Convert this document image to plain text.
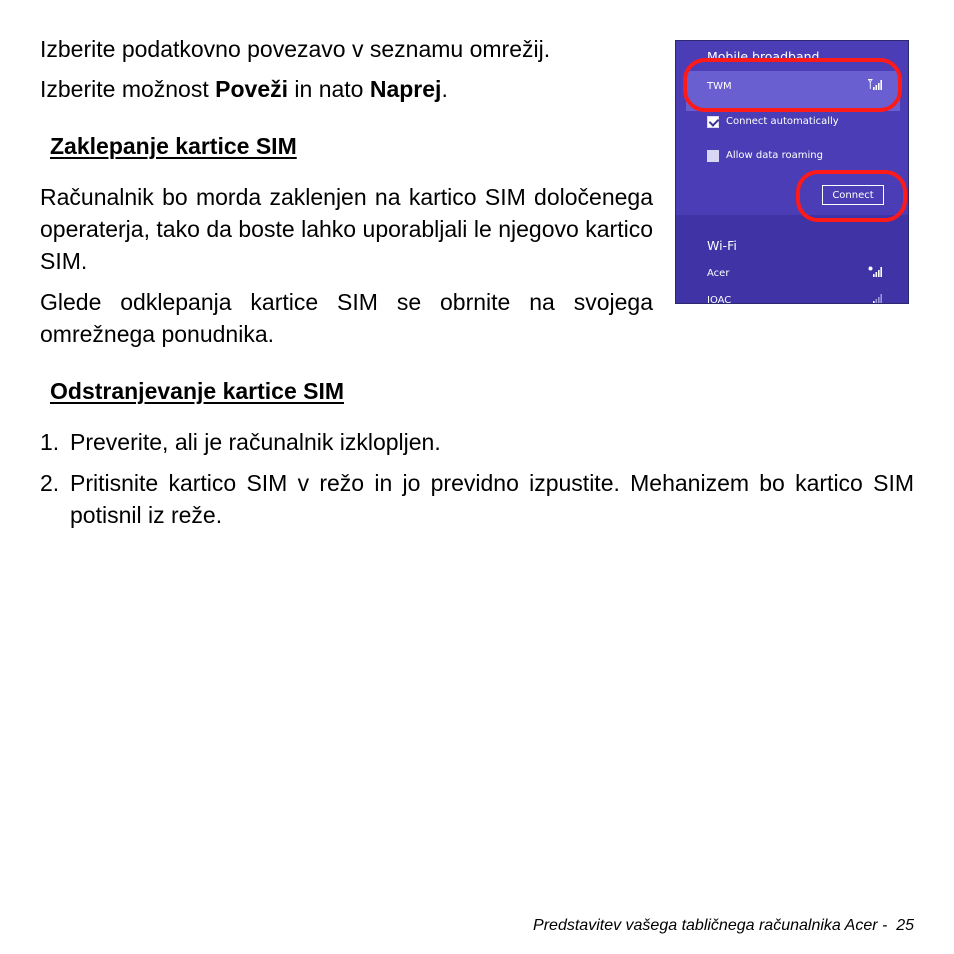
Izberite podatkovno povezavo v seznamu omrežij.

Izberite možnost Poveži in nato Naprej.

Zaklepanje kartice SIM

Računalnik bo morda zaklenjen na kartico SIM določenega operaterja, tako da boste lahko uporabljali le njegovo kartico SIM.

Glede odklepanja kartice SIM se obrnite na svojega omrežnega ponudnika.

Odstranjevanje kartice SIM
1. Preverite, ali je računalnik izklopljen.
2. Pritisnite kartico SIM v režo in jo previdno izpustite. Mehanizem bo kartico SIM potisnil iz reže.
Mobile broadband
TWM
Connect automatically
Allow data roaming
Connect
Wi-Fi
Acer
IOAC
Predstavitev vašega tabličnega računalnika Acer -  25
